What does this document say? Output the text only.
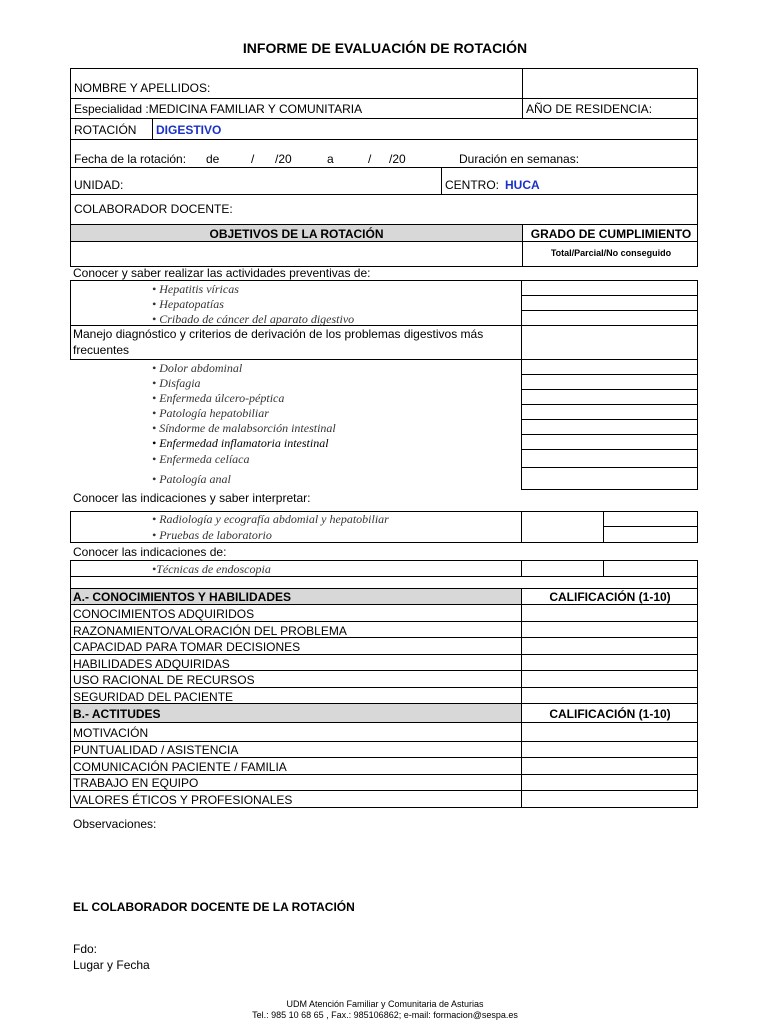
INFORME DE EVALUACIÓN DE ROTACIÓN
NOMBRE Y APELLIDOS:
Especialidad :MEDICINA FAMILIAR Y COMUNITARIA	AÑO DE RESIDENCIA:
ROTACIÓN DIGESTIVO
Fecha de la rotación: de	/ /20	a	/ /20	Duración en semanas:
UNIDAD:	CENTRO: HUCA
COLABORADOR DOCENTE:
OBJETIVOS DE LA ROTACIÓN	GRADO DE CUMPLIMIENTO
Total/Parcial/No conseguido
Conocer y saber realizar las actividades preventivas de:
• Hepatitis víricas
• Hepatopatías
• Cribado de cáncer del aparato digestivo
Manejo diagnóstico y criterios de derivación de los problemas digestivos más
frecuentes
• Dolor abdominal
• Disfagia
• Enfermeda úlcero-péptica
• Patología hepatobiliar
• Síndorme de malabsorción intestinal
• Enfermedad inflamatoria intestinal
• Enfermeda celíaca
• Patología anal
Conocer las indicaciones y saber interpretar:
• Radiología y ecografía abdomial y hepatobiliar
• Pruebas de laboratorio
Conocer las indicaciones de:
•Técnicas de endoscopia
A.- CONOCIMIENTOS Y HABILIDADES	CALIFICACIÓN (1-10)
CONOCIMIENTOS ADQUIRIDOS
RAZONAMIENTO/VALORACIÓN DEL PROBLEMA
CAPACIDAD PARA TOMAR DECISIONES
HABILIDADES ADQUIRIDAS
USO RACIONAL DE RECURSOS
SEGURIDAD DEL PACIENTE
B.- ACTITUDES	CALIFICACIÓN (1-10)
MOTIVACIÓN
PUNTUALIDAD / ASISTENCIA
COMUNICACIÓN PACIENTE / FAMILIA
TRABAJO EN EQUIPO
VALORES ÉTICOS Y PROFESIONALES
Observaciones:
EL COLABORADOR DOCENTE DE LA ROTACIÓN
Fdo:
Lugar y Fecha
UDM Atención Familiar y Comunitaria de Asturias
Tel.: 985 10 68 65 , Fax.: 985106862; e-mail: formacion@sespa.es
